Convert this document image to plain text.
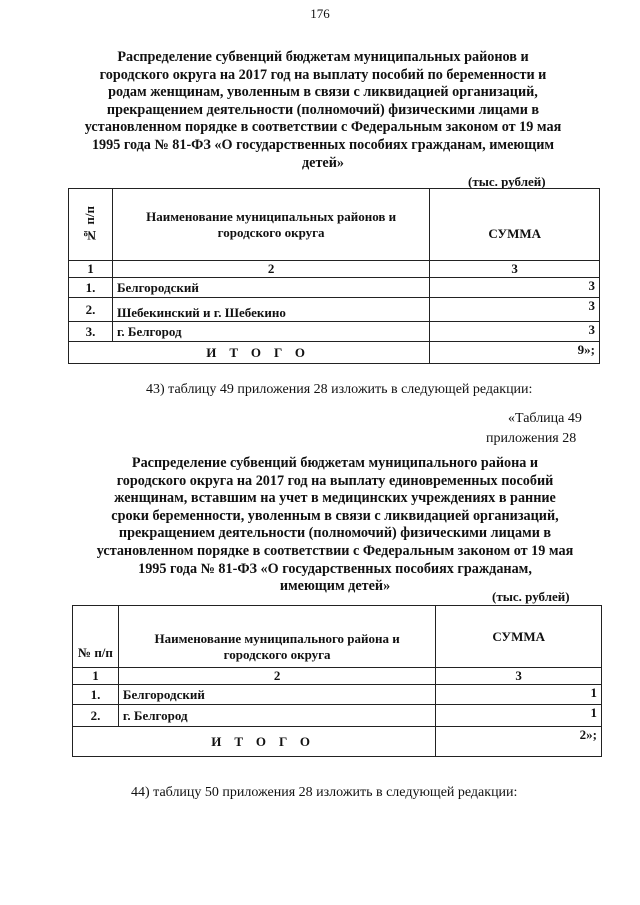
176
Распределение субвенций бюджетам муниципальных районов и
городского округа на 2017 год на выплату пособий по беременности и
родам женщинам, уволенным в связи с ликвидацией организаций,
прекращением деятельности (полномочий) физическими лицами в
установленном порядке в соответствии с Федеральным законом от 19 мая
1995 года № 81-ФЗ «О государственных пособиях гражданам, имеющим
детей»
(тыс. рублей)
№ п/п	Наименование муниципальных районов и городского округа	СУММА
1	2	3
1.	Белгородский	3
2.	Шебекинский и г. Шебекино	3
3.	г. Белгород	3
ИТОГО		9»;
43) таблицу 49 приложения 28 изложить в следующей редакции:
«Таблица 49
приложения 28
Распределение субвенций бюджетам муниципального района и
городского округа на 2017 год на выплату единовременных пособий
женщинам, вставшим на учет в медицинских учреждениях в ранние
сроки беременности, уволенным в связи с ликвидацией организаций,
прекращением деятельности (полномочий) физическими лицами в
установленном порядке в соответствии с Федеральным законом от 19 мая
1995 года № 81-ФЗ «О государственных пособиях гражданам,
имеющим детей»
(тыс. рублей)
№ п/п	Наименование муниципального района и городского округа	СУММА
1	2	3
1.	Белгородский	1
2.	г. Белгород	1
ИТОГО		2»;
44) таблицу 50 приложения 28 изложить в следующей редакции:
